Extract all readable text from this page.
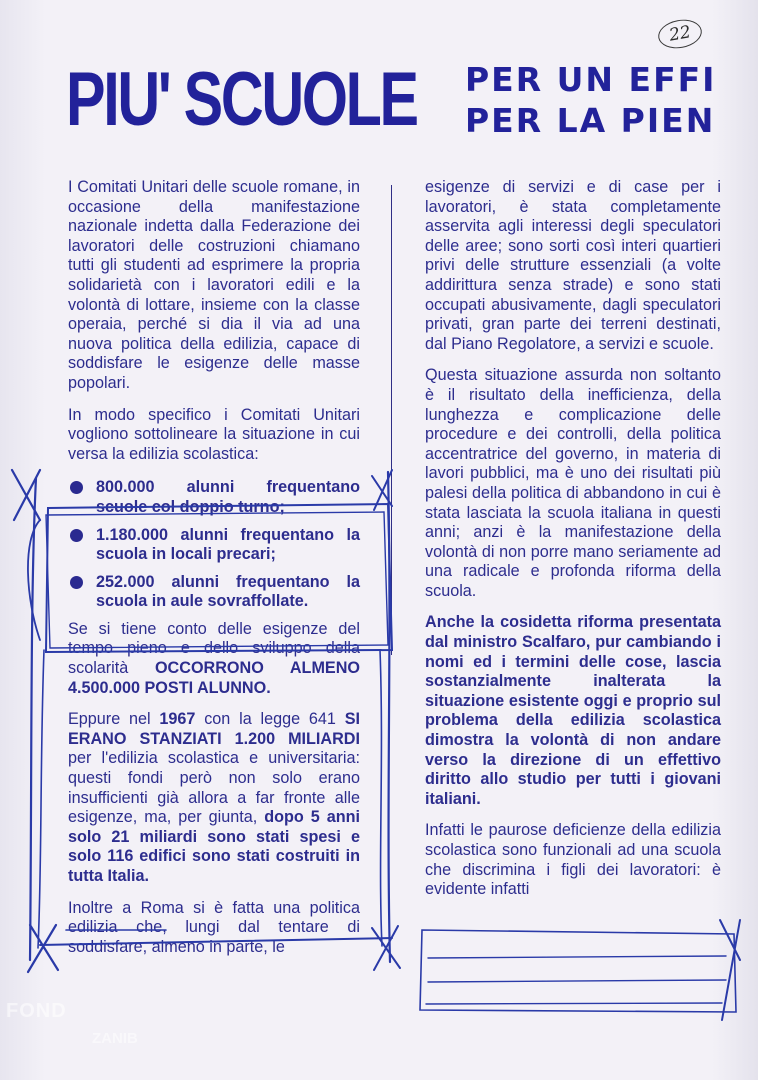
22
PIU' SCUOLE PER UN EFFI
PER LA PIEN

I Comitati Unitari delle scuole romane, in occasione della manifestazione nazionale indetta dalla Federazione dei lavoratori delle costruzioni chiamano tutti gli studenti ad esprimere la propria solidarietà con i lavoratori edili e la volontà di lottare, insieme con la classe operaia, perché si dia il via ad una nuova politica della edilizia, capace di soddisfare le esigenze delle masse popolari.

In modo specifico i Comitati Unitari vogliono sottolineare la situazione in cui versa la edilizia scolastica:

800.000 alunni frequentano scuole col doppio turno;
1.180.000 alunni frequentano la scuola in locali precari;
252.000 alunni frequentano la scuola in aule sovraffollate.

Se si tiene conto delle esigenze del tempo pieno e dello sviluppo della scolarità OCCORRONO ALMENO 4.500.000 POSTI ALUNNO.

Eppure nel 1967 con la legge 641 SI ERANO STANZIATI 1.200 MILIARDI per l'edilizia scolastica e universitaria: questi fondi però non solo erano insufficienti già allora a far fronte alle esigenze, ma, per giunta, dopo 5 anni solo 21 miliardi sono stati spesi e solo 116 edifici sono stati costruiti in tutta Italia.

Inoltre a Roma si è fatta una politica edilizia che, lungi dal tentare di soddisfare, almeno in parte, le

esigenze di servizi e di case per i lavoratori, è stata completamente asservita agli interessi degli speculatori delle aree; sono sorti così interi quartieri privi delle strutture essenziali (a volte addirittura senza strade) e sono stati occupati abusivamente, dagli speculatori privati, gran parte dei terreni destinati, dal Piano Regolatore, a servizi e scuole.

Questa situazione assurda non soltanto è il risultato della inefficienza, della lunghezza e complicazione delle procedure e dei controlli, della politica accentratrice del governo, in materia di lavori pubblici, ma è uno dei risultati più palesi della politica di abbandono in cui è stata lasciata la scuola italiana in questi anni; anzi è la manifestazione della volontà di non porre mano seriamente ad una radicale e profonda riforma della scuola.

Anche la cosidetta riforma presentata dal ministro Scalfaro, pur cambiando i nomi ed i termini delle cose, lascia sostanzialmente inalterata la situazione esistente oggi e proprio sul problema della edilizia scolastica dimostra la volontà di non andare verso la direzione di un effettivo diritto allo studio per tutti i giovani italiani.

Infatti le paurose deficienze della edilizia scolastica sono funzionali ad una scuola che discrimina i figli dei lavoratori: è evidente infatti

FOND
ZANIB
